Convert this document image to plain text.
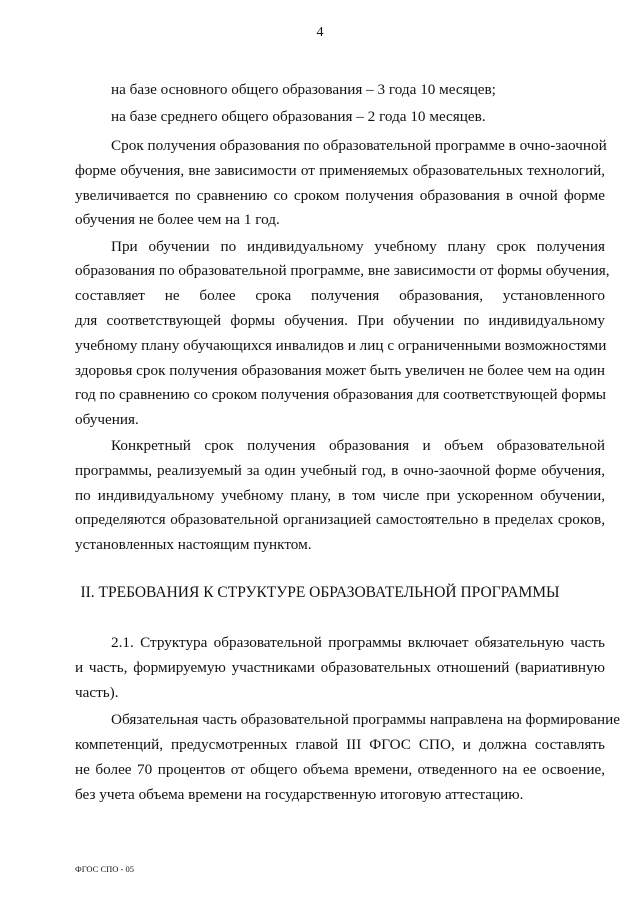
4
на базе основного общего образования – 3 года 10 месяцев;
на базе среднего общего образования – 2 года 10 месяцев.
Срок получения образования по образовательной программе в очно-заочной
форме обучения, вне зависимости от применяемых образовательных технологий,
увеличивается по сравнению со сроком получения образования в очной форме
обучения не более чем на 1 год.
При обучении по индивидуальному учебному плану срок получения
образования по образовательной программе, вне зависимости от формы обучения,
составляет не более срока получения образования, установленного
для соответствующей формы обучения. При обучении по индивидуальному
учебному плану обучающихся инвалидов и лиц с ограниченными возможностями
здоровья срок получения образования может быть увеличен не более чем на один
год по сравнению со сроком получения образования для соответствующей формы
обучения.
Конкретный срок получения образования и объем образовательной
программы, реализуемый за один учебный год, в очно-заочной форме обучения,
по индивидуальному учебному плану, в том числе при ускоренном обучении,
определяются образовательной организацией самостоятельно в пределах сроков,
установленных настоящим пунктом.
II. ТРЕБОВАНИЯ К СТРУКТУРЕ ОБРАЗОВАТЕЛЬНОЙ ПРОГРАММЫ
2.1. Структура образовательной программы включает обязательную часть
и часть, формируемую участниками образовательных отношений (вариативную
часть).
Обязательная часть образовательной программы направлена на формирование
компетенций, предусмотренных главой III ФГОС СПО, и должна составлять
не более 70 процентов от общего объема времени, отведенного на ее освоение,
без учета объема времени на государственную итоговую аттестацию.
ФГОС СПО - 05
